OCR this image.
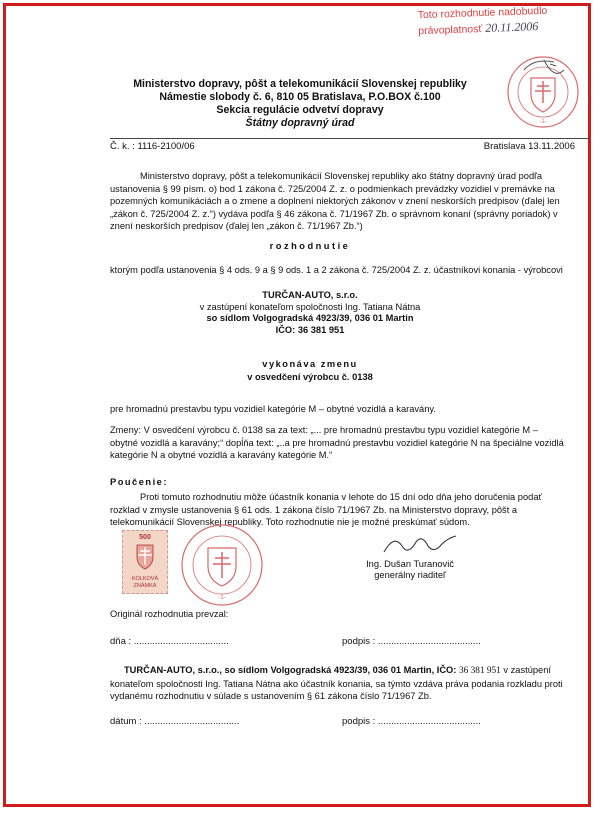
Toto rozhodnutie nadobudlo
právoplatnosť 20.11.2006
-1-
Ministerstvo dopravy, pôšt a telekomunikácií Slovenskej republiky
Námestie slobody č. 6, 810 05 Bratislava, P.O.BOX č.100
Sekcia regulácie odvetví dopravy
Štátny dopravný úrad
Č. k. : 1116-2100/06	Bratislava 13.11.2006
Ministerstvo dopravy, pôšt a telekomunikácií Slovenskej republiky ako štátny dopravný úrad podľa ustanovenia § 99 písm. o) bod 1 zákona č. 725/2004 Z. z. o podmienkach prevádzky vozidiel v premávke na pozemných komunikáciách a o zmene a doplnení niektorých zákonov v znení neskorších predpisov (ďalej len „zákon č. 725/2004 Z. z.“) vydáva podľa § 46 zákona č. 71/1967 Zb. o správnom konaní (správny poriadok) v znení neskorších predpisov (ďalej len „zákon č. 71/1967 Zb.“)
rozhodnutie
ktorým podľa ustanovenia § 4 ods. 9 a § 9 ods. 1 a 2 zákona č. 725/2004 Z. z. účastníkovi konania - výrobcovi
TURČAN-AUTO, s.r.o.
v zastúpení konateľom spoločnosti Ing. Tatiana Nátna
so sídlom Volgogradská 4923/39, 036 01 Martin
IČO: 36 381 951
vykonáva zmenu
v osvedčení výrobcu č. 0138
pre hromadnú prestavbu typu vozidiel kategórie M – obytné vozidlá a karavány.
Zmeny: V osvedčení výrobcu č. 0138 sa za text: „... pre hromadnú prestavbu typu vozidiel kategórie M – obytné vozidlá a karavány;“ dopĺňa text: „..a pre hromadnú prestavbu vozidiel kategórie N na špeciálne vozidlá kategórie N a obytné vozidlá a karavány kategórie M.“
Poučenie:
Proti tomuto rozhodnutiu môže účastník konania v lehote do 15 dní odo dňa jeho doručenia podať rozklad v zmysle ustanovenia § 61 ods. 1 zákona číslo 71/1967 Zb. na Ministerstvo dopravy, pôšt a telekomunikácií Slovenskej republiky. Toto rozhodnutie nie je možné preskúmať súdom.
500
KOLKOVÁ
ZNÁMKA
-1-
Ing. Dušan Turanovič
generálny riaditeľ
Originál rozhodnutia prevzal:
dňa : ....................................	podpis : .......................................
TURČAN-AUTO, s.r.o., so sídlom Volgogradská 4923/39, 036 01 Martin, IČO: 36 381 951 v zastúpení konateľom spoločnosti Ing. Tatiana Nátna ako účastník konania, sa týmto vzdáva práva podania rozkladu proti vydanému rozhodnutiu v súlade s ustanovením § 61 zákona číslo 71/1967 Zb.
dátum : ....................................	podpis : .......................................
